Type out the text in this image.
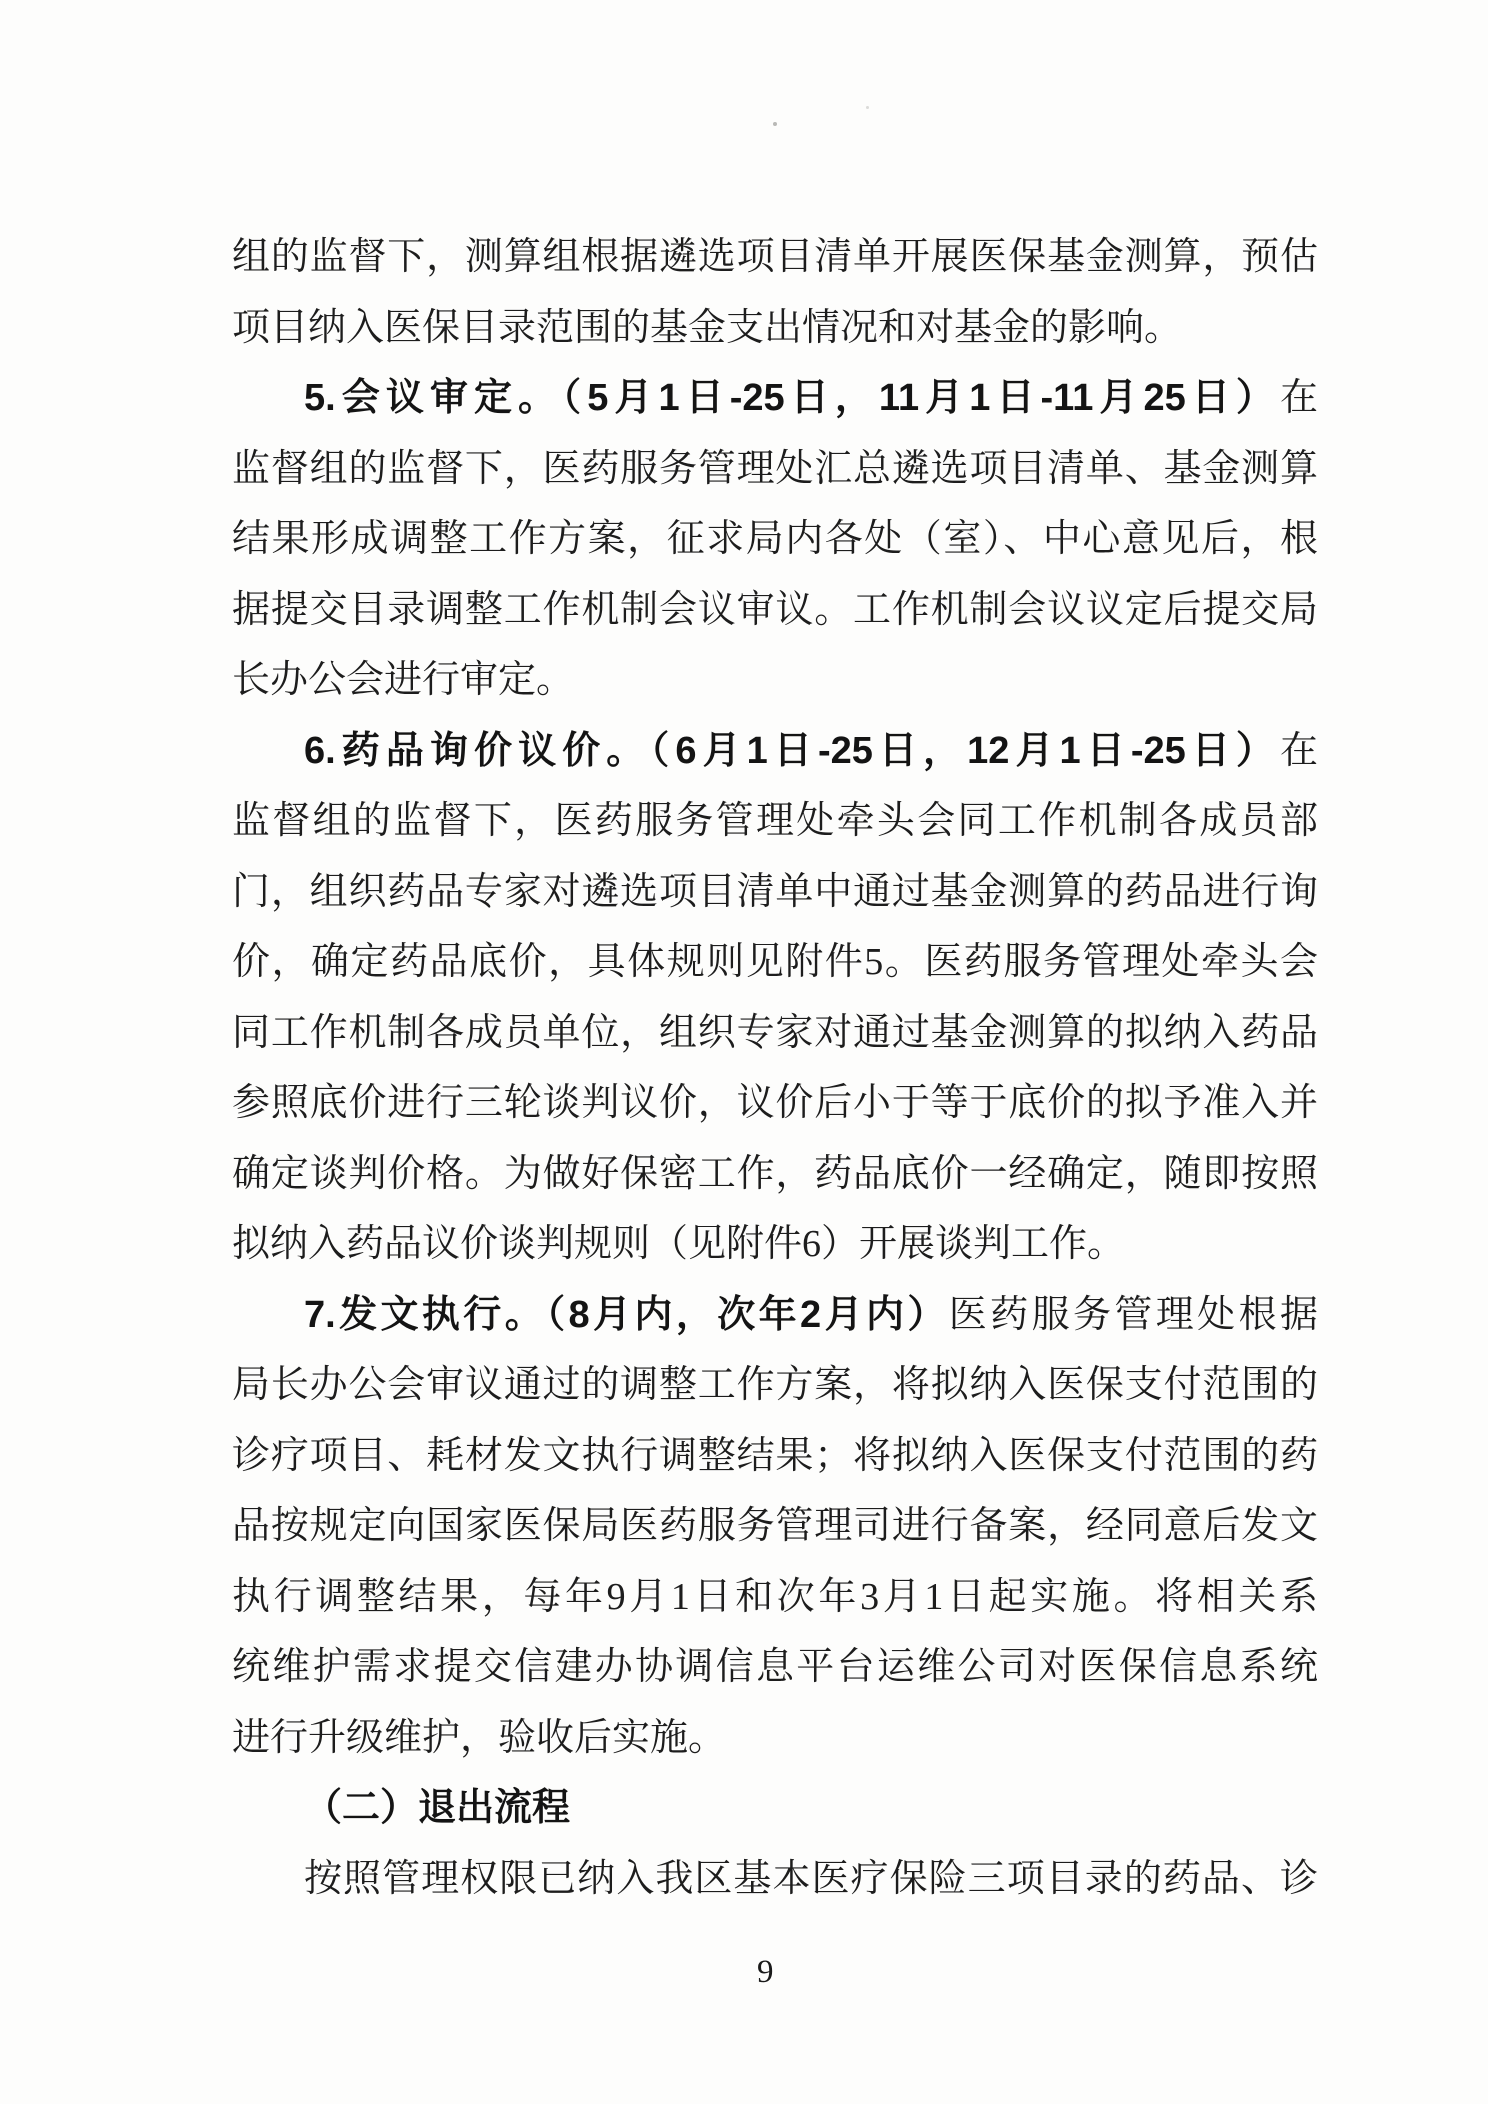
组的监督下，测算组根据遴选项目清单开展医保基金测算，预估
项目纳入医保目录范围的基金支出情况和对基金的影响。
5.会议审定。（5月1日-25日，11月1日-11月25日）在
监督组的监督下，医药服务管理处汇总遴选项目清单、基金测算
结果形成调整工作方案，征求局内各处（室）、中心意见后，根
据提交目录调整工作机制会议审议。工作机制会议议定后提交局
长办公会进行审定。
6.药品询价议价。（6月1日-25日，12月1日-25日）在
监督组的监督下，医药服务管理处牵头会同工作机制各成员部
门，组织药品专家对遴选项目清单中通过基金测算的药品进行询
价，确定药品底价，具体规则见附件5。医药服务管理处牵头会
同工作机制各成员单位，组织专家对通过基金测算的拟纳入药品
参照底价进行三轮谈判议价，议价后小于等于底价的拟予准入并
确定谈判价格。为做好保密工作，药品底价一经确定，随即按照
拟纳入药品议价谈判规则（见附件6）开展谈判工作。
7.发文执行。（8月内，次年2月内）医药服务管理处根据
局长办公会审议通过的调整工作方案，将拟纳入医保支付范围的
诊疗项目、耗材发文执行调整结果；将拟纳入医保支付范围的药
品按规定向国家医保局医药服务管理司进行备案，经同意后发文
执行调整结果，每年9月1日和次年3月1日起实施。将相关系
统维护需求提交信建办协调信息平台运维公司对医保信息系统
进行升级维护，验收后实施。
（二）退出流程
按照管理权限已纳入我区基本医疗保险三项目录的药品、诊
9
